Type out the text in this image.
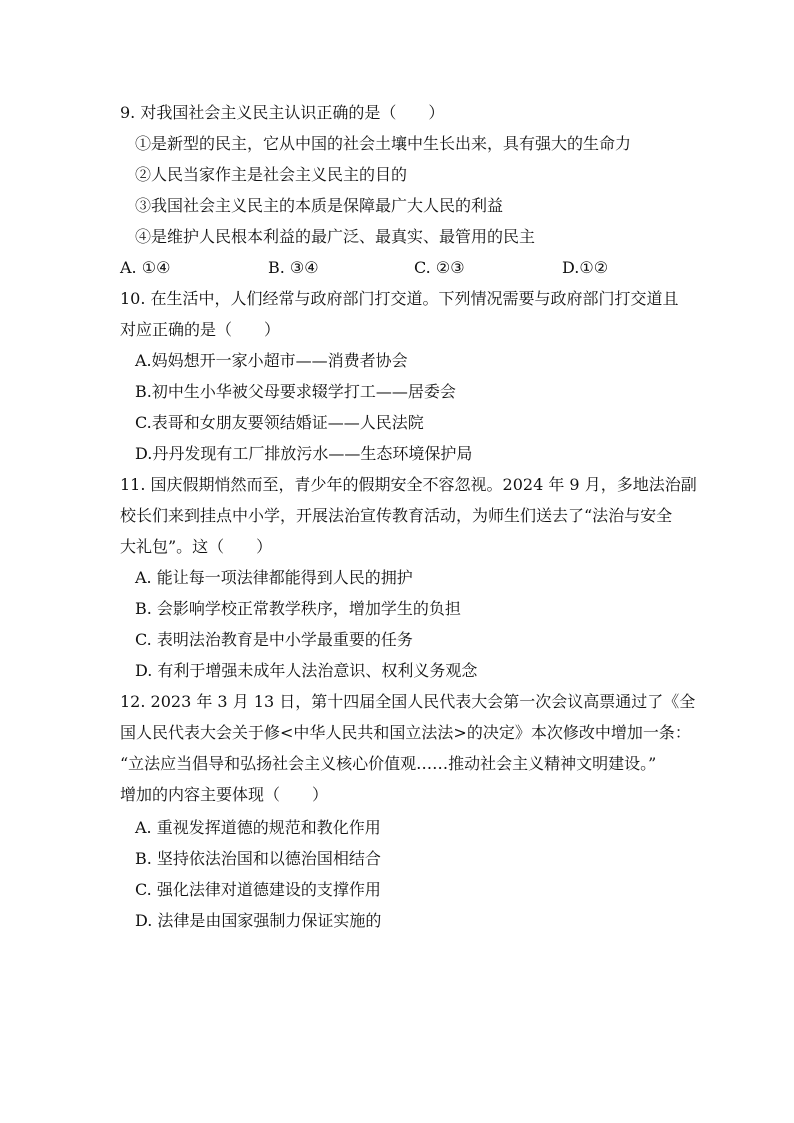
9. 对我国社会主义民主认识正确的是（　　）
①是新型的民主，它从中国的社会土壤中生长出来，具有强大的生命力
②人民当家作主是社会主义民主的目的
③我国社会主义民主的本质是保障最广大人民的利益
④是维护人民根本利益的最广泛、最真实、最管用的民主
A. ①④	B. ③④	C. ②③	D.①②
10. 在生活中，人们经常与政府部门打交道。下列情况需要与政府部门打交道且
对应正确的是（　　）
A.妈妈想开一家小超市——消费者协会
B.初中生小华被父母要求辍学打工——居委会
C.表哥和女朋友要领结婚证——人民法院
D.丹丹发现有工厂排放污水——生态环境保护局
11. 国庆假期悄然而至，青少年的假期安全不容忽视。2024 年 9 月，多地法治副
校长们来到挂点中小学，开展法治宣传教育活动，为师生们送去了“法治与安全
大礼包”。这（　　）
A. 能让每一项法律都能得到人民的拥护
B. 会影响学校正常教学秩序，增加学生的负担
C. 表明法治教育是中小学最重要的任务
D. 有利于增强未成年人法治意识、权利义务观念
12. 2023 年 3 月 13 日，第十四届全国人民代表大会第一次会议高票通过了《全
国人民代表大会关于修<中华人民共和国立法法>的决定》本次修改中增加一条：
“立法应当倡导和弘扬社会主义核心价值观……推动社会主义精神文明建设。”
增加的内容主要体现（　　）
A. 重视发挥道德的规范和教化作用
B. 坚持依法治国和以德治国相结合
C. 强化法律对道德建设的支撑作用
D. 法律是由国家强制力保证实施的
